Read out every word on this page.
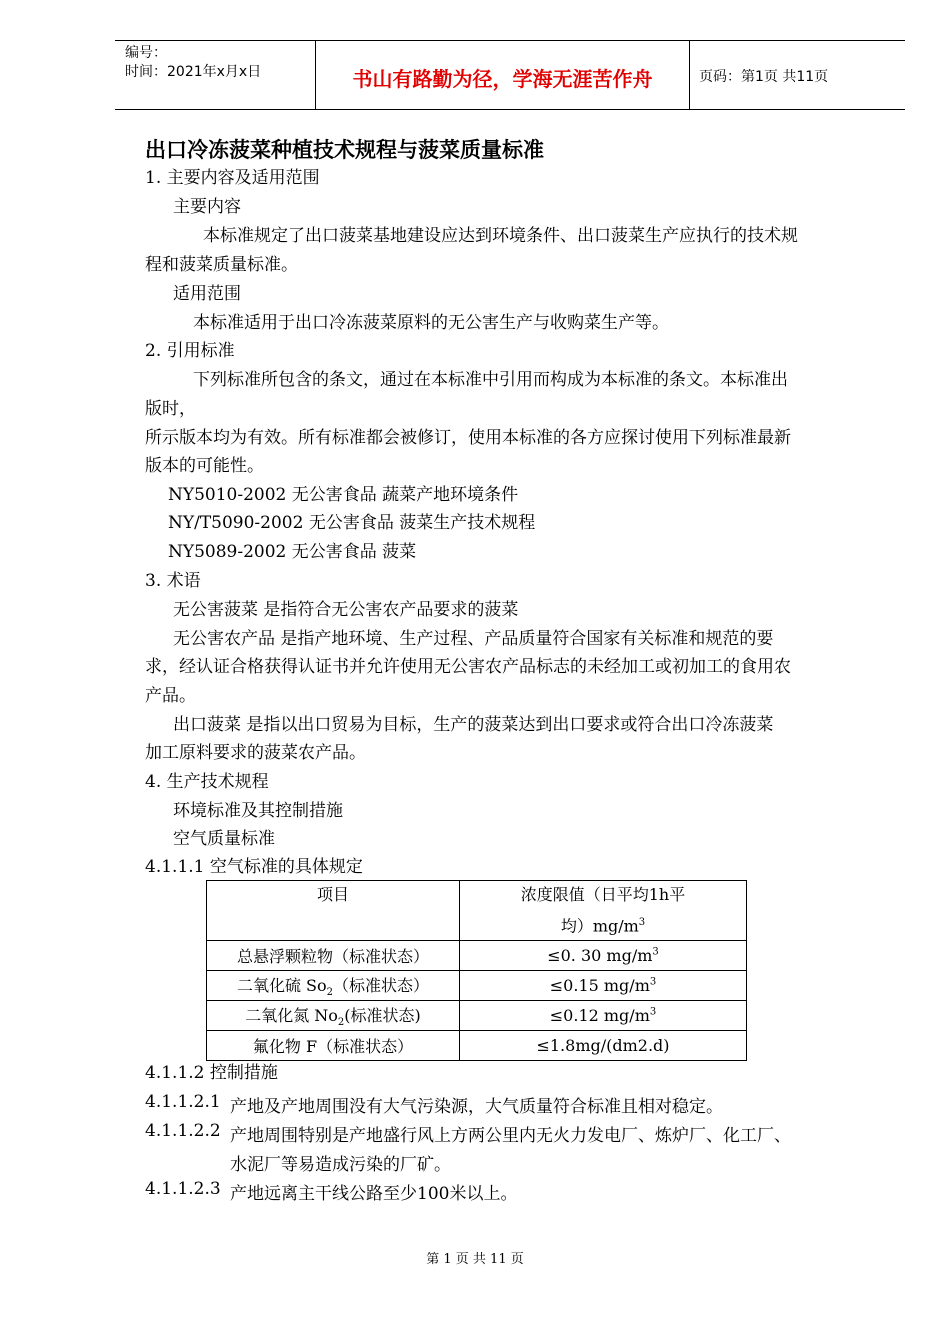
编号：
时间：2021年x月x日	书山有路勤为径，学海无涯苦作舟	页码：第1页 共11页
出口冷冻菠菜种植技术规程与菠菜质量标准
1. 主要内容及适用范围
主要内容
本标准规定了出口菠菜基地建设应达到环境条件、出口菠菜生产应执行的技术规
程和菠菜质量标准。
适用范围
本标准适用于出口冷冻菠菜原料的无公害生产与收购菜生产等。
2. 引用标准
下列标准所包含的条文，通过在本标准中引用而构成为本标准的条文。本标准出
版时，
所示版本均为有效。所有标准都会被修订，使用本标准的各方应探讨使用下列标准最新
版本的可能性。
NY5010-2002 无公害食品 蔬菜产地环境条件
NY/T5090-2002 无公害食品 菠菜生产技术规程
NY5089-2002 无公害食品 菠菜
3. 术语
无公害菠菜 是指符合无公害农产品要求的菠菜
无公害农产品 是指产地环境、生产过程、产品质量符合国家有关标准和规范的要
求，经认证合格获得认证书并允许使用无公害农产品标志的未经加工或初加工的食用农
产品。
出口菠菜 是指以出口贸易为目标，生产的菠菜达到出口要求或符合出口冷冻菠菜
加工原料要求的菠菜农产品。
4. 生产技术规程
环境标准及其控制措施
空气质量标准
4.1.1.1 空气标准的具体规定
项目	浓度限值（日平均1h平
均）$mg/m^3$
总悬浮颗粒物（标准状态）	≤0. 30 $mg/m^3$
二氧化硫 $So_2$（标准状态）	≤0.15 $mg/m^3$
二氧化氮 $No_2$(标准状态)	≤0.12 $mg/m^3$
氟化物 F（标准状态）	≤1.8mg/(dm2.d)
4.1.1.2 控制措施
4.1.1.2.1 产地及产地周围没有大气污染源，大气质量符合标准且相对稳定。
4.1.1.2.2 产地周围特别是产地盛行风上方两公里内无火力发电厂、炼炉厂、化工厂、
水泥厂等易造成污染的厂矿。
4.1.1.2.3 产地远离主干线公路至少100米以上。
第 1 页 共 11 页
